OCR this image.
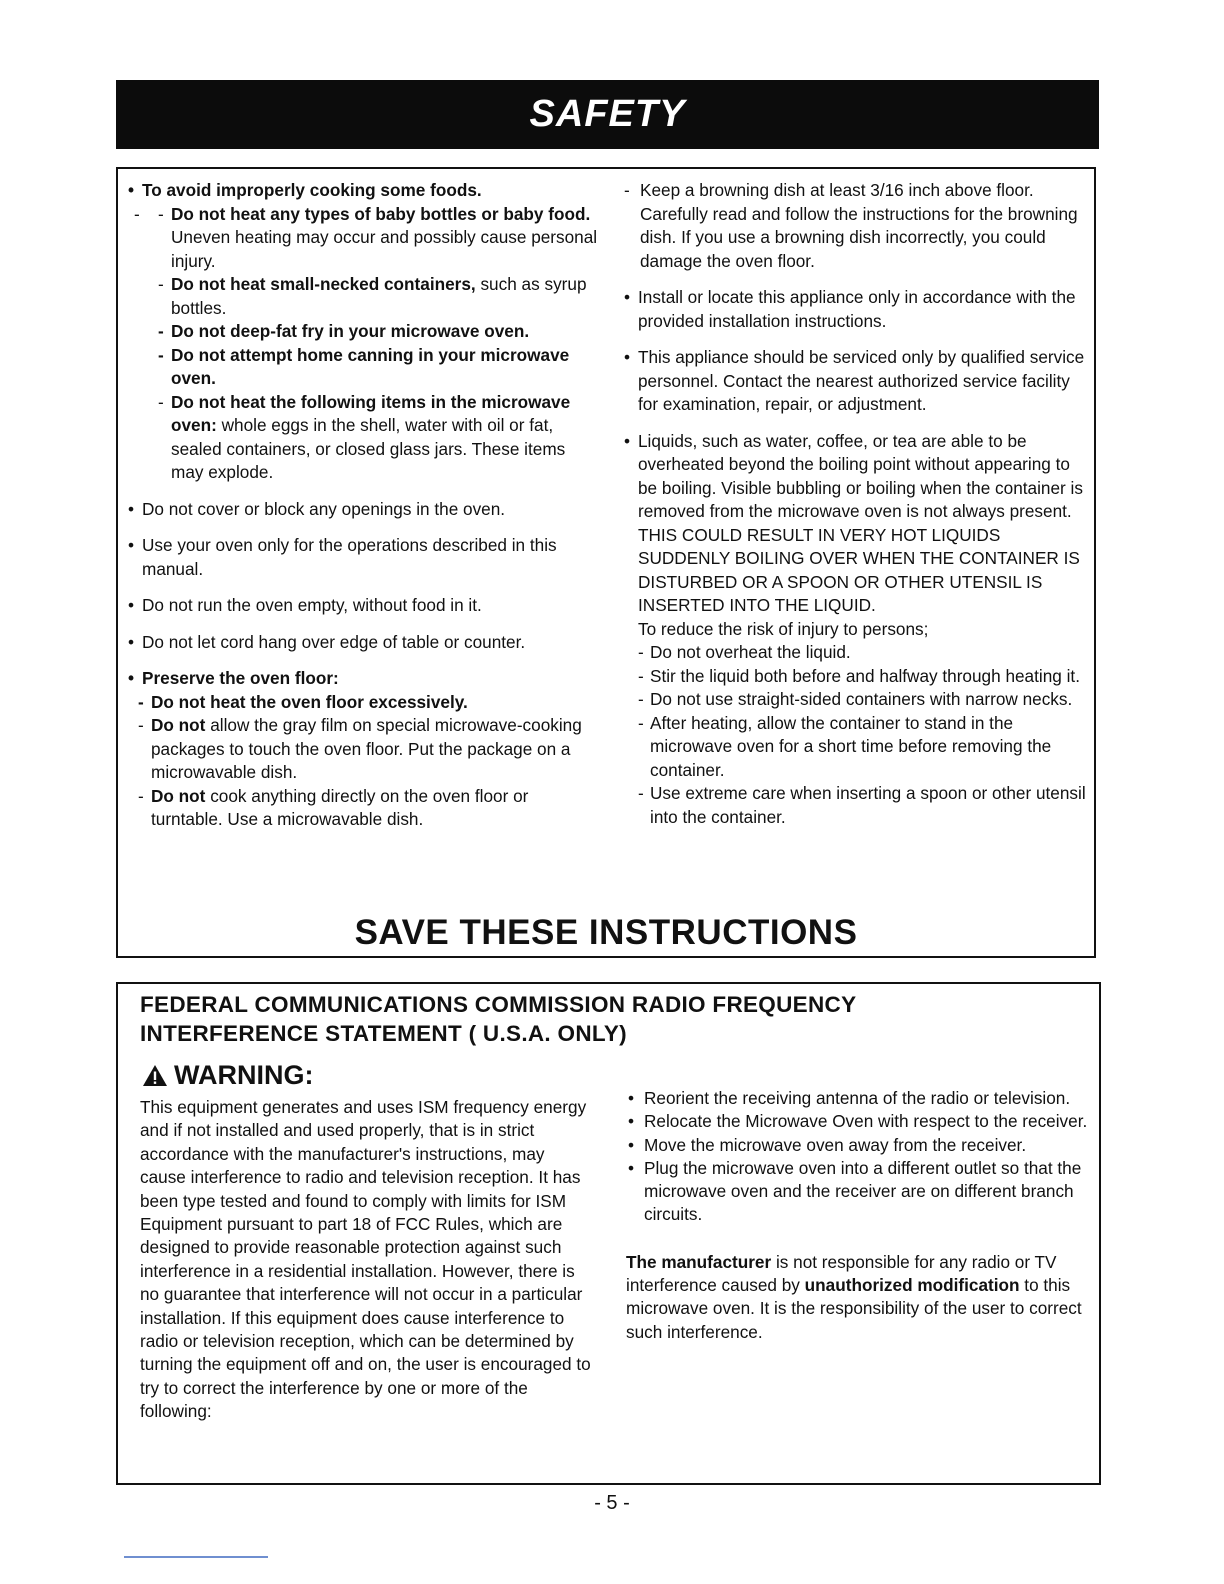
SAFETY

• To avoid improperly cooking some foods.

- - Do not heat any types of baby bottles or baby food. Uneven heating may occur and possibly cause personal injury.

- Do not heat small-necked containers, such as syrup bottles.

- Do not deep-fat fry in your microwave oven.

- Do not attempt home canning in your microwave oven.

- Do not heat the following items in the microwave oven: whole eggs in the shell, water with oil or fat, sealed containers, or closed glass jars. These items may explode.

• Do not cover or block any openings in the oven.

• Use your oven only for the operations described in this manual.

• Do not run the oven empty, without food in it.

• Do not let cord hang over edge of table or counter.

• Preserve the oven floor:

- Do not heat the oven floor excessively.

- Do not allow the gray film on special microwave-cooking packages to touch the oven floor. Put the package on a microwavable dish.

- Do not cook anything directly on the oven floor or turntable. Use a microwavable dish.

- Keep a browning dish at least 3/16 inch above floor. Carefully read and follow the instructions for the browning dish. If you use a browning dish incorrectly, you could damage the oven floor.

• Install or locate this appliance only in accordance with the provided installation instructions.

• This appliance should be serviced only by qualified service personnel. Contact the nearest authorized service facility for examination, repair, or adjustment.

• Liquids, such as water, coffee, or tea are able to be overheated beyond the boiling point without appearing to be boiling. Visible bubbling or boiling when the container is removed from the microwave oven is not always present.

THIS COULD RESULT IN VERY HOT LIQUIDS SUDDENLY BOILING OVER WHEN THE CONTAINER IS DISTURBED OR A SPOON OR OTHER UTENSIL IS INSERTED INTO THE LIQUID.

To reduce the risk of injury to persons;

- Do not overheat the liquid.

- Stir the liquid both before and halfway through heating it.

- Do not use straight-sided containers with narrow necks.

- After heating, allow the container to stand in the microwave oven for a short time before removing the container.

- Use extreme care when inserting a spoon or other utensil into the container.

SAVE THESE INSTRUCTIONS
FEDERAL COMMUNICATIONS COMMISSION RADIO FREQUENCY
INTERFERENCE STATEMENT ( U.S.A. ONLY)
WARNING:

This equipment generates and uses ISM frequency energy and if not installed and used properly, that is in strict accordance with the manufacturer's instructions, may cause interference to radio and television reception. It has been type tested and found to comply with limits for ISM Equipment pursuant to part 18 of FCC Rules, which are designed to provide reasonable protection against such interference in a residential installation. However, there is no guarantee that interference will not occur in a particular installation. If this equipment does cause interference to radio or television reception, which can be determined by turning the equipment off and on, the user is encouraged to try to correct the interference by one or more of the following:

• Reorient the receiving antenna of the radio or television.

• Relocate the Microwave Oven with respect to the receiver.

• Move the microwave oven away from the receiver.

• Plug the microwave oven into a different outlet so that the microwave oven and the receiver are on different branch circuits.

The manufacturer is not responsible for any radio or TV interference caused by unauthorized modification to this microwave oven. It is the responsibility of the user to correct such interference.

- 5 -
